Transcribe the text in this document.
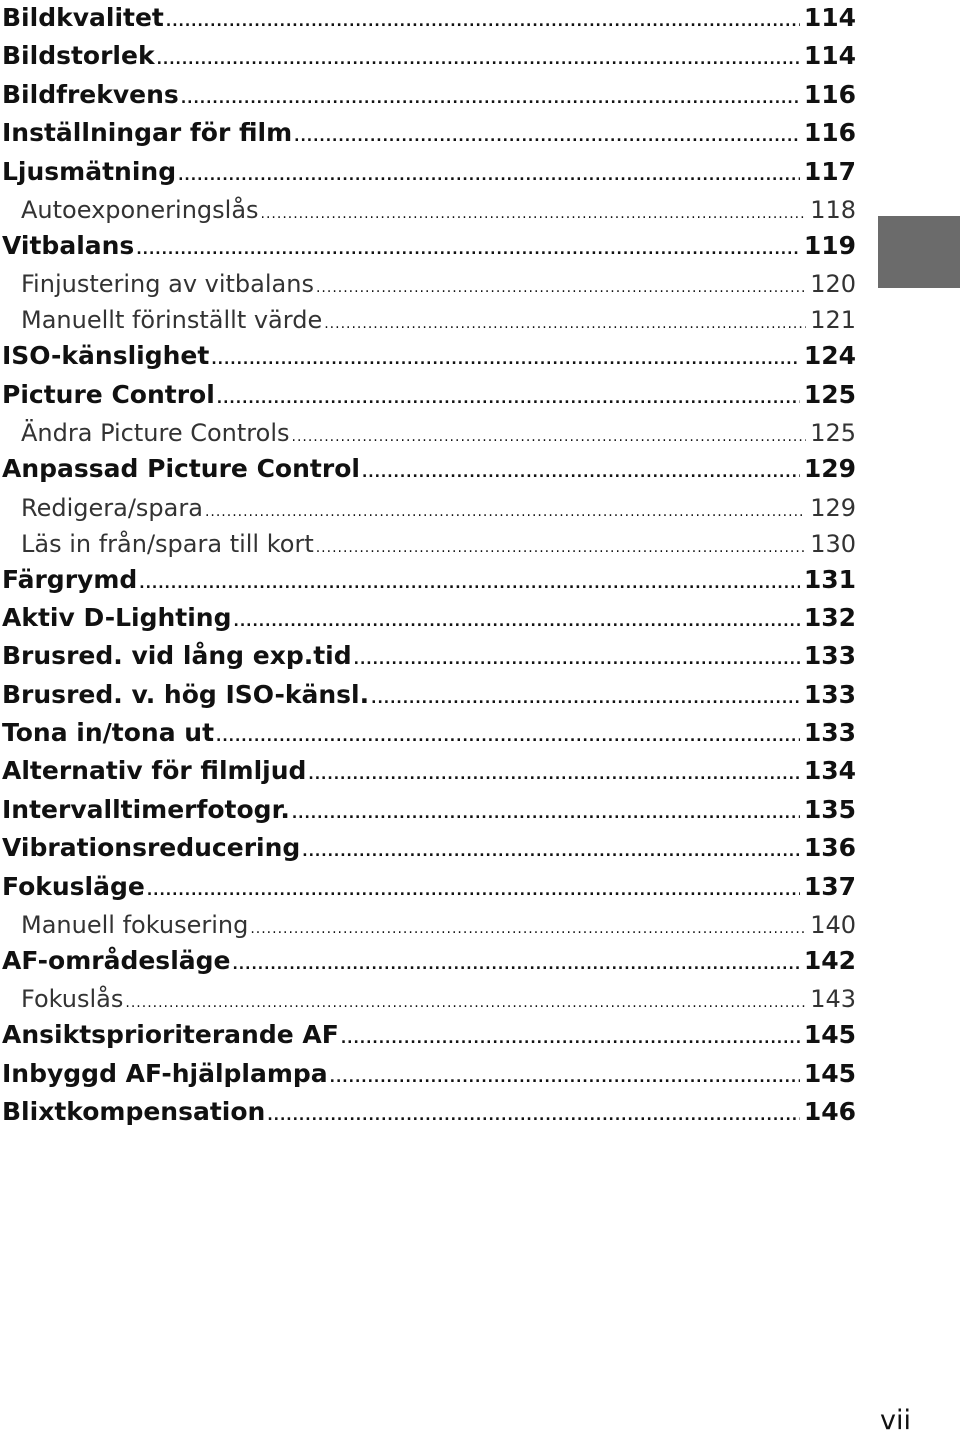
Bildkvalitet .....	114
Bildstorlek .....	114
Bildfrekvens .....	116
Inställningar för film .....	116
Ljusmätning .....	117
Autoexponeringslås .....	118
Vitbalans .....	119
Finjustering av vitbalans .....	120
Manuellt förinställt värde .....	121
ISO-känslighet .....	124
Picture Control .....	125
Ändra Picture Controls .....	125
Anpassad Picture Control .....	129
Redigera/spara .....	129
Läs in från/spara till kort .....	130
Färgrymd .....	131
Aktiv D-Lighting .....	132
Brusred. vid lång exp.tid .....	133
Brusred. v. hög ISO-känsl. .....	133
Tona in/tona ut .....	133
Alternativ för filmljud .....	134
Intervalltimerfotogr. .....	135
Vibrationsreducering .....	136
Fokusläge .....	137
Manuell fokusering .....	140
AF-områdesläge .....	142
Fokuslås .....	143
Ansiktsprioriterande AF .....	145
Inbyggd AF-hjälplampa .....	145
Blixtkompensation .....	146
vii
